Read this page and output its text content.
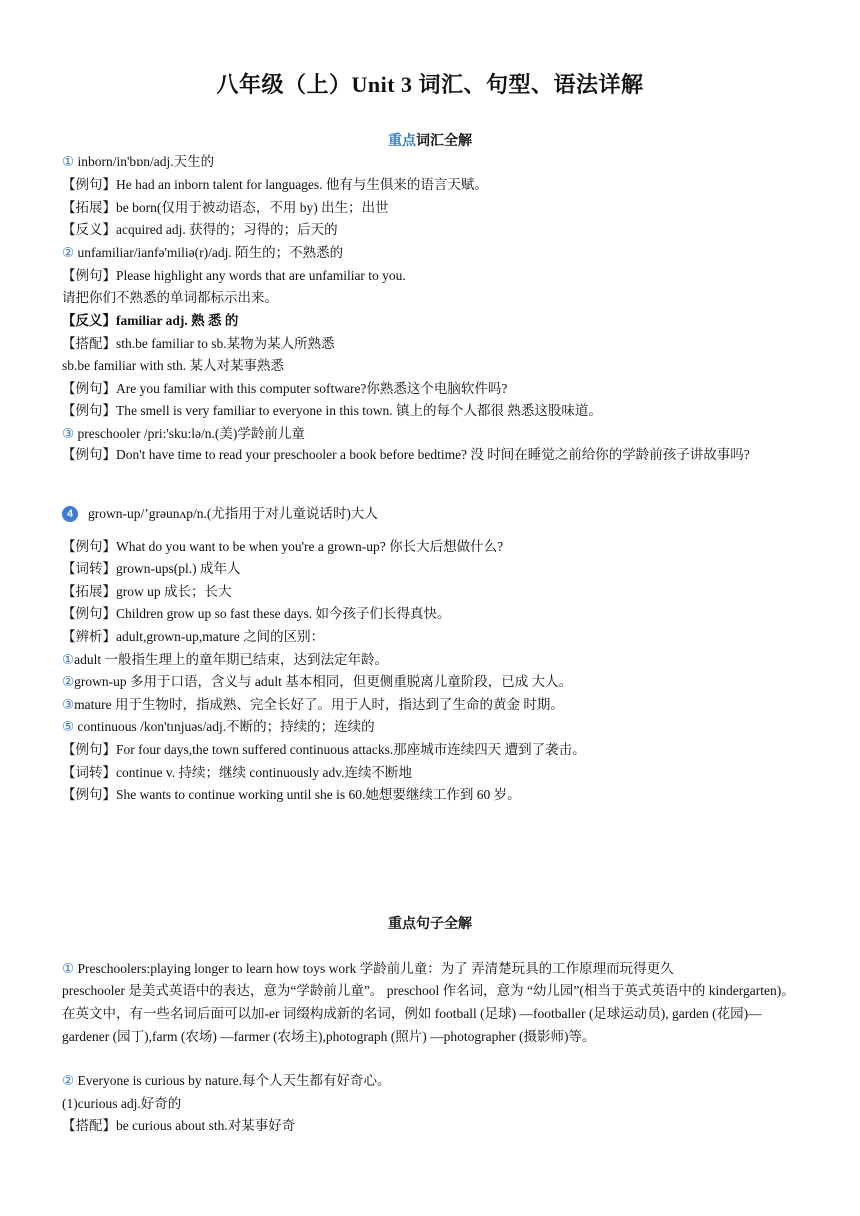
八年级（上）Unit 3 词汇、句型、语法详解
重点词汇全解
① inborn/in'bɒn/adj.天生的
【例句】He had an inborn talent for languages. 他有与生俱来的语言天赋。
【拓展】be born(仅用于被动语态，不用 by) 出生；出世
【反义】acquired adj. 获得的；习得的；后天的
② unfamiliar/ianfə'miliə(r)/adj. 陌生的；不熟悉的
【例句】Please highlight any words that are unfamiliar to you.
请把你们不熟悉的单词都标示出来。
【反义】familiar adj. 熟 悉 的
【搭配】sth.be familiar to sb.某物为某人所熟悉
sb.be familiar with sth. 某人对某事熟悉
【例句】Are you familiar with this computer software?你熟悉这个电脑软件吗?
【例句】The smell is very familiar to everyone in this town. 镇上的每个人都很 熟悉这股味道。
③ preschooler /pri:'sku:lə/n.(美)学龄前儿童
【例句】Don't have time to read your preschooler a book before bedtime? 没 时间在睡觉之前给你的学龄前孩子讲故事吗?
4 grown-up/’grəunʌp/n.(尤指用于对儿童说话时)大人
【例句】What do you want to be when you're a grown-up? 你长大后想做什么?
【词转】grown-ups(pl.) 成年人
【拓展】grow up 成长；长大
【例句】Children grow up so fast these days. 如今孩子们长得真快。
【辨析】adult,grown-up,mature 之间的区别：
①adult 一般指生理上的童年期已结束，达到法定年龄。
②grown-up 多用于口语，含义与 adult 基本相同，但更侧重脱离儿童阶段，已成 大人。
③mature 用于生物时，指成熟、完全长好了。用于人时，指达到了生命的黄金 时期。
⑤ continuous /kon'tınjuəs/adj.不断的；持续的；连续的
【例句】For four days,the town suffered continuous attacks.那座城市连续四天 遭到了袭击。
【词转】continue v. 持续；继续 continuously adv.连续不断地
【例句】She wants to continue working until she is 60.她想要继续工作到 60 岁。
重点句子全解
① Preschoolers:playing longer to learn how toys work 学龄前儿童：为了 弄清楚玩具的工作原理而玩得更久
preschooler 是美式英语中的表达，意为“学龄前儿童”。 preschool 作名词，意为 “幼儿园”(相当于英式英语中的 kindergarten)。在英文中，有一些名词后面可以加-er 词缀构成新的名词，例如 football (足球) —footballer (足球运动员), garden (花园)—gardener (园丁),farm (农场) —farmer (农场主),photograph (照片) —photographer (摄影师)等。
② Everyone is curious by nature.每个人天生都有好奇心。
(1)curious adj.好奇的
【搭配】be curious about sth.对某事好奇
